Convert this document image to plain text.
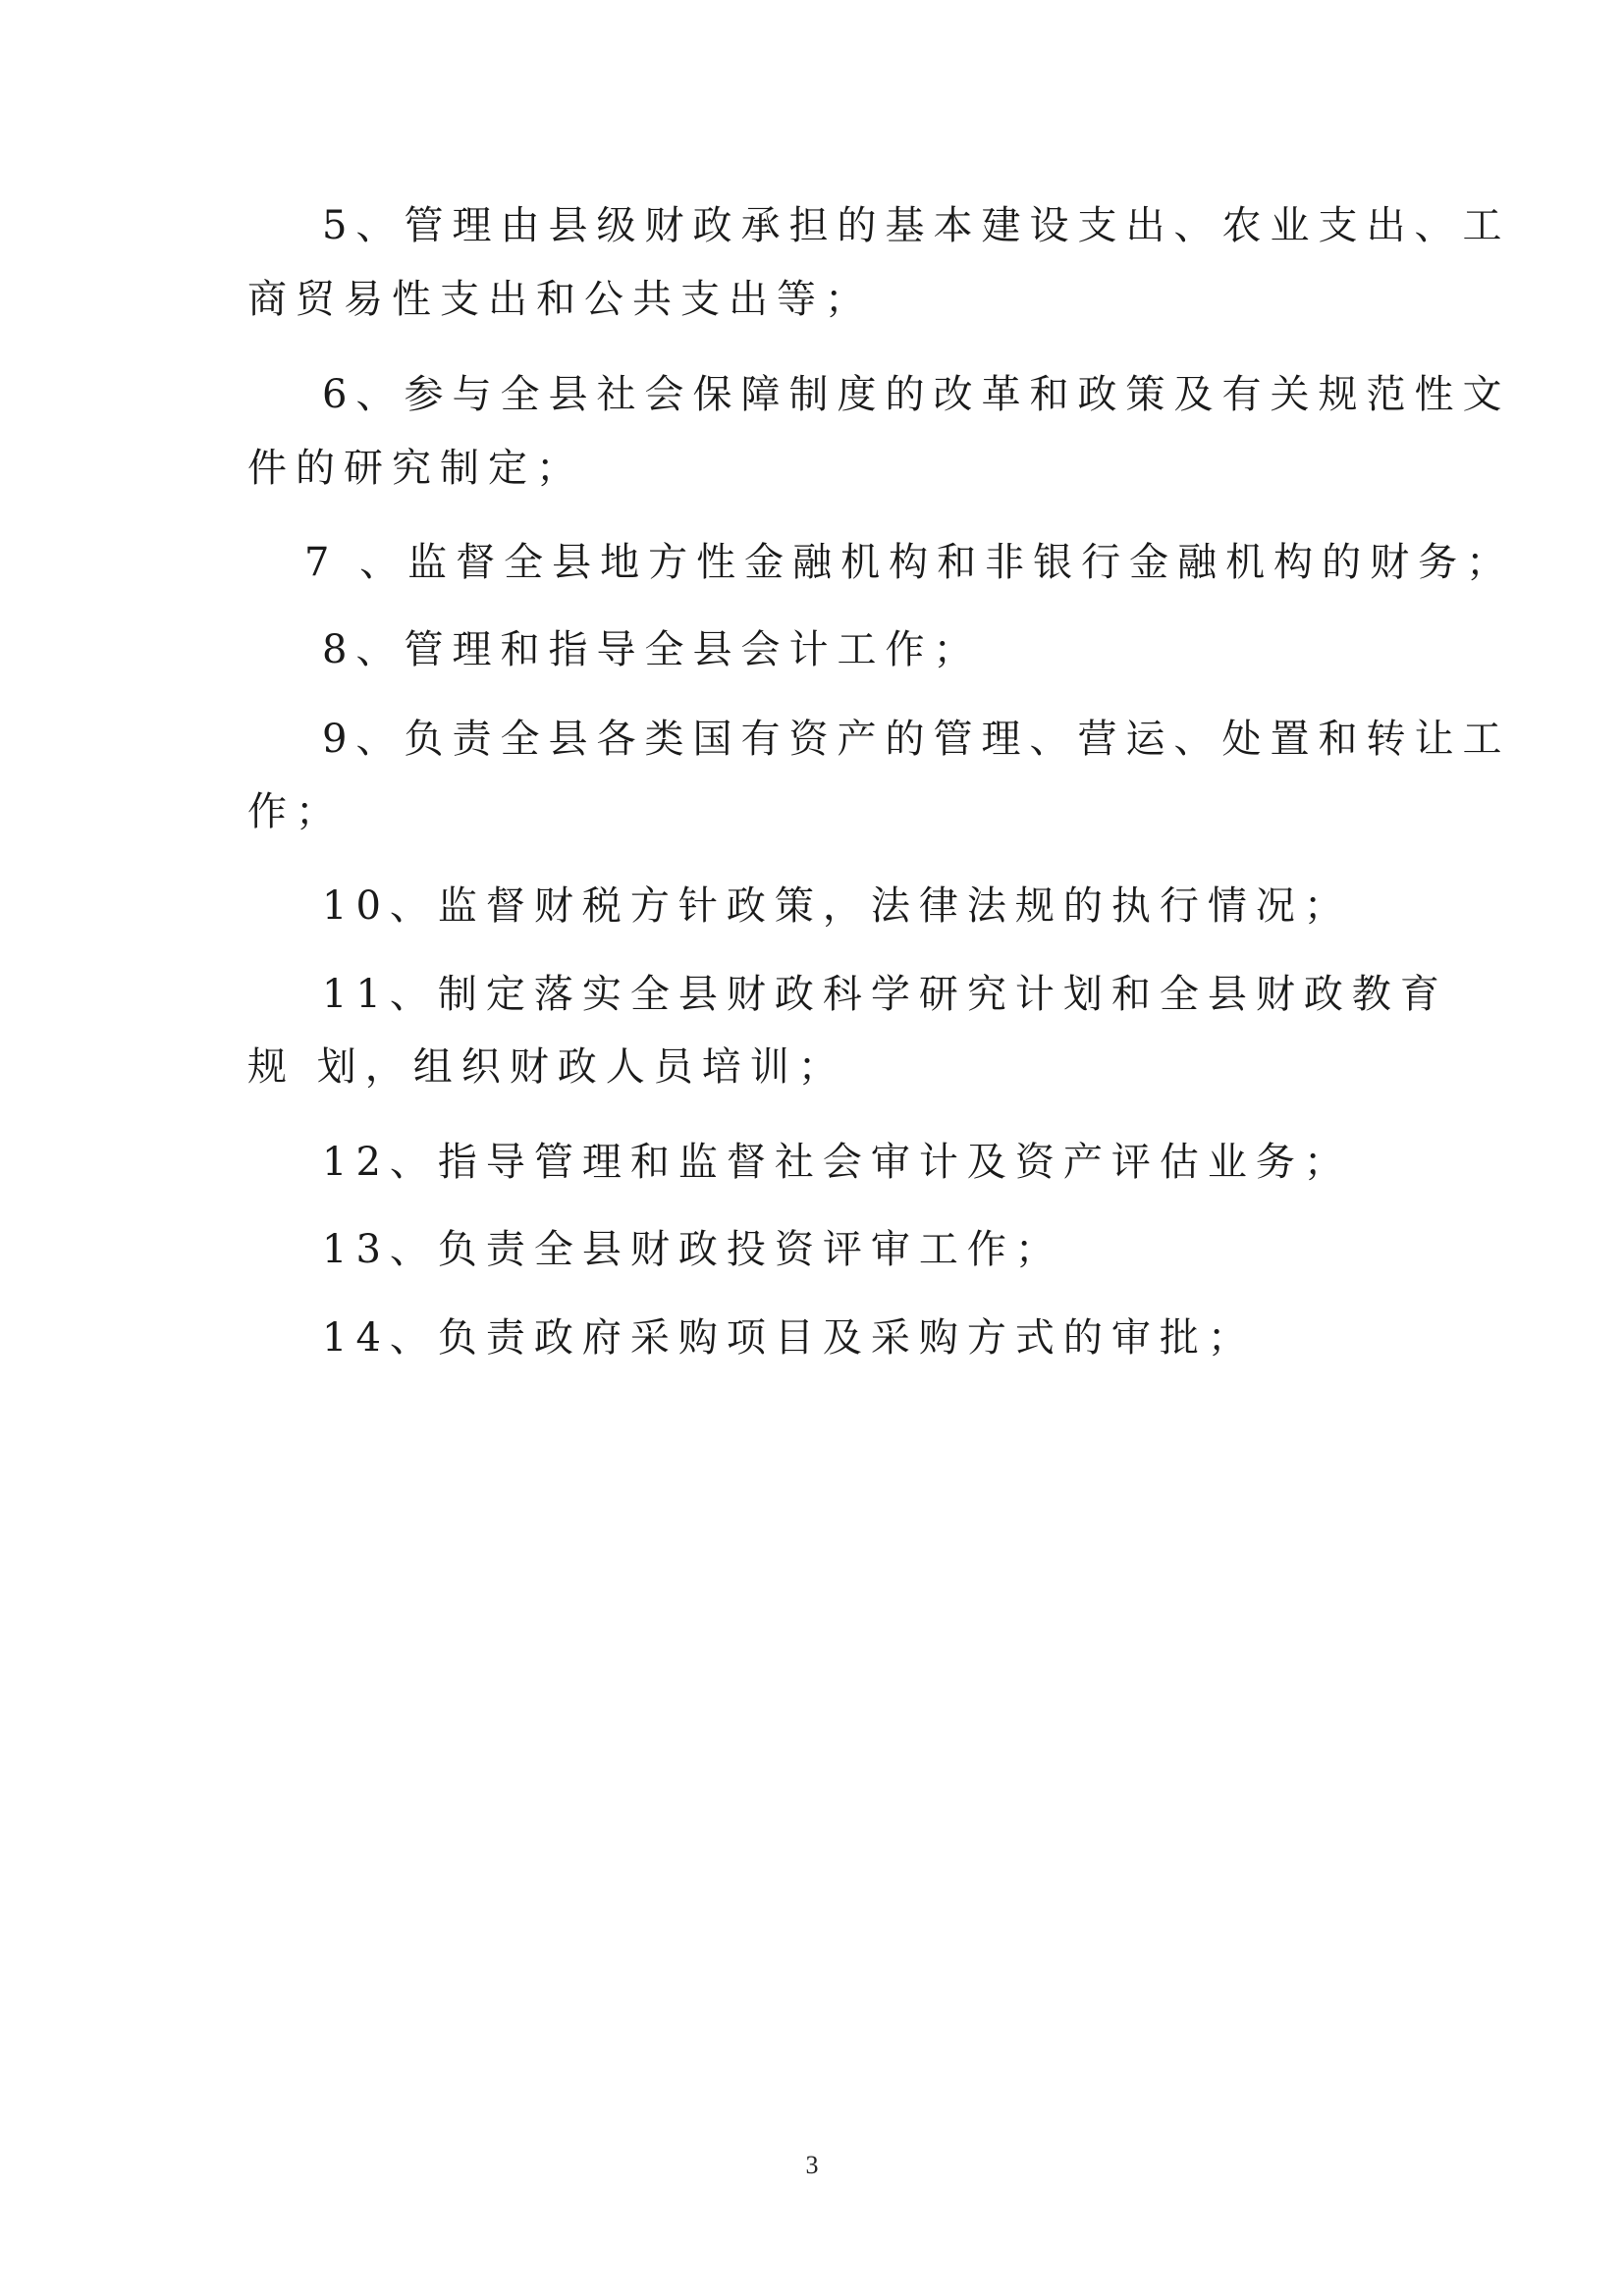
5、管理由县级财政承担的基本建设支出、农业支出、工
商贸易性支出和公共支出等；
6、参与全县社会保障制度的改革和政策及有关规范性文
件的研究制定；
7 、监督全县地方性金融机构和非银行金融机构的财务；
8、管理和指导全县会计工作；
9、负责全县各类国有资产的管理、营运、处置和转让工
作；
10、监督财税方针政策，法律法规的执行情况；
11、制定落实全县财政科学研究计划和全县财政教育
规 划，组织财政人员培训；
12、指导管理和监督社会审计及资产评估业务；
13、负责全县财政投资评审工作；
14、负责政府采购项目及采购方式的审批；
3
